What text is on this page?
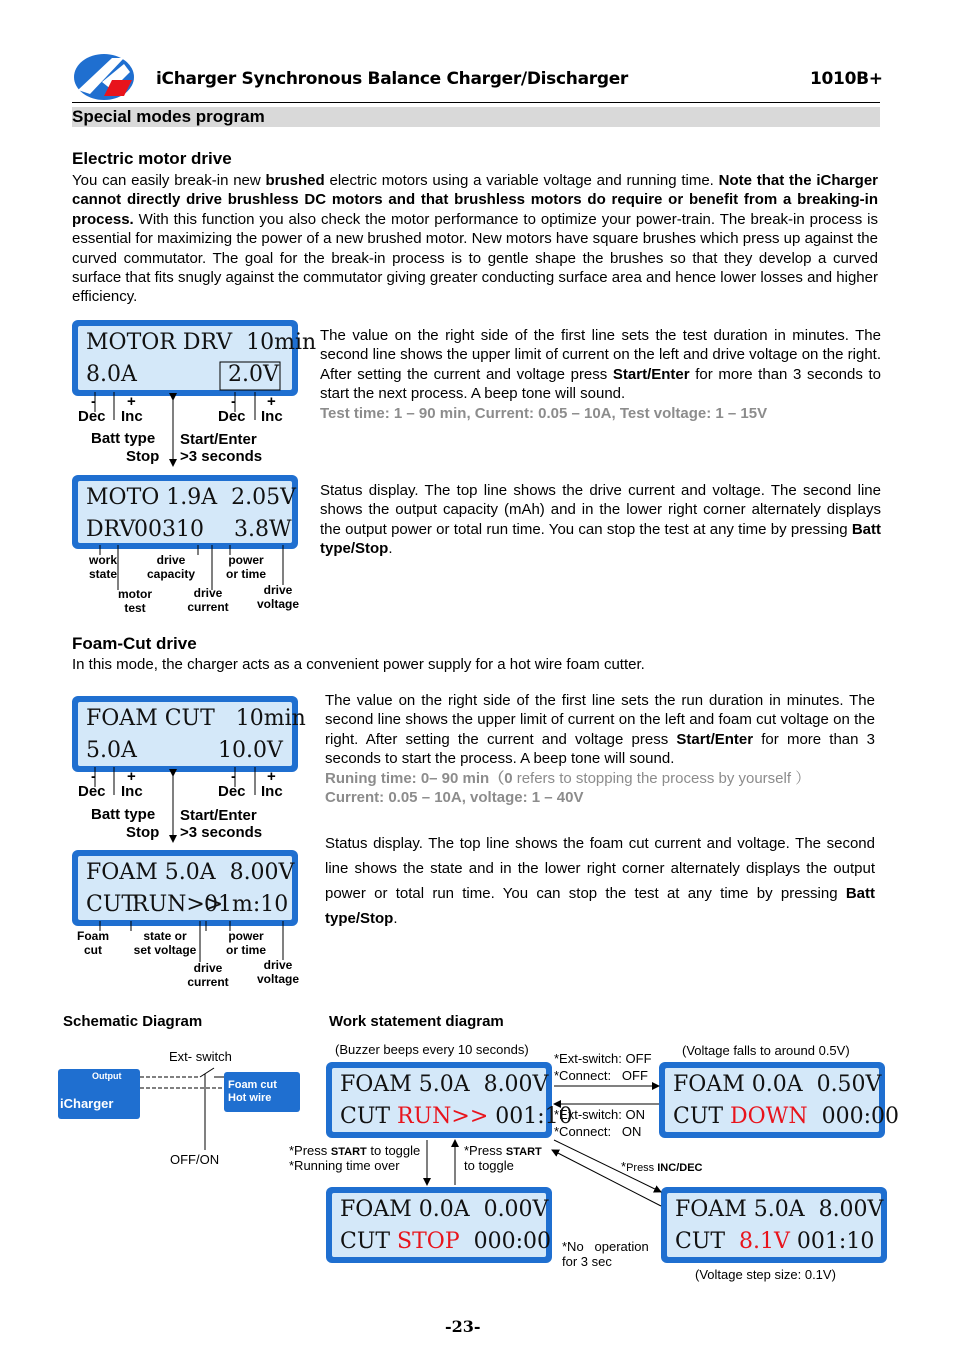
iCharger Synchronous Balance Charger/Discharger	1010B+
Special modes program
Electric motor drive
You can easily break-in new brushed electric motors using a variable voltage and running time. Note that the iCharger cannot directly drive brushless DC motors and that brushless motors do require or benefit from a breaking-in process. With this function you also check the motor performance to optimize your power-train. The break-in process is essential for maximizing the power of a new brushed motor. New motors have square brushes which press up against the curved commutator. The goal for the break-in process is to gentle shape the brushes so that they develop a curved surface that fits snugly against the commutator giving greater conducting surface area and hence lower losses and higher efficiency.
MOTOR DRV  10min
8.0A	2.0V
MOTO 1.9A  2.05V
DRV
00310 3.8W
- +
Dec Inc
- +
Dec Inc
Batt type
Stop
Start/Enter
>3 seconds
work
state
motor
test
drive
capacity
drive
current
power
or time
drive
voltage
The value on the right side of the first line sets the test duration in minutes. The second line shows the upper limit of current on the left and drive voltage on the right. After setting the current and voltage press Start/Enter for more than 3 seconds to start the next process. A beep tone will sound.
Test time: 1 – 90 min, Current: 0.05 – 10A, Test voltage: 1 – 15V
Status display. The top line shows the drive current and voltage. The second line shows the output capacity (mAh) and in the lower right corner alternately displays the output power or total run time. You can stop the test at any time by pressing Batt type/Stop.
Foam-Cut drive
In this mode, the charger acts as a convenient power supply for a hot wire foam cutter.
FOAM CUT   10min
5.0A	10.0V
FOAM 5.0A  8.00V
CUT
RUN>>
01m:10
- +
Dec Inc
- +
Dec Inc
Batt type
Stop
Start/Enter
>3 seconds
Foam
cut
state or
set voltage
drive
current
power
or time
drive
voltage
The value on the right side of the first line sets the run duration in minutes. The second line shows the upper limit of current on the left and foam cut voltage on the right. After setting the current and voltage press Start/Enter for more than 3 seconds to start the process. A beep tone will sound.
Runing time: 0– 90 min（0 refers to stopping the process by yourself ）
Current: 0.05 – 10A, voltage: 1 – 40V
Status display. The top line shows the foam cut current and voltage. The second line shows the state and in the lower right corner alternately displays the output power or total run time. You can stop the test at any time by pressing Batt type/Stop.
Schematic Diagram
Output
iCharger
Foam cut
Hot wire
Ext- switch
OFF/ON
Work statement diagram
(Buzzer beeps every 10 seconds)	(Voltage falls to around 0.5V)
*Ext-switch: OFF
*Connect:   OFF
*Ext-switch: ON
*Connect:   ON
*Press START to toggle
*Running time over
*Press START
to toggle	*Press INC/DEC

*No   operation
for 3 sec

(Voltage step size: 0.1V)
FOAM 5.0A  8.00V
CUT RUN>> 001:10
FOAM 0.0A  0.50V
CUT DOWN  000:00
FOAM 0.0A  0.00V
CUT STOP  000:00
FOAM 5.0A  8.00V
CUT  8.1V 001:10
-23-
